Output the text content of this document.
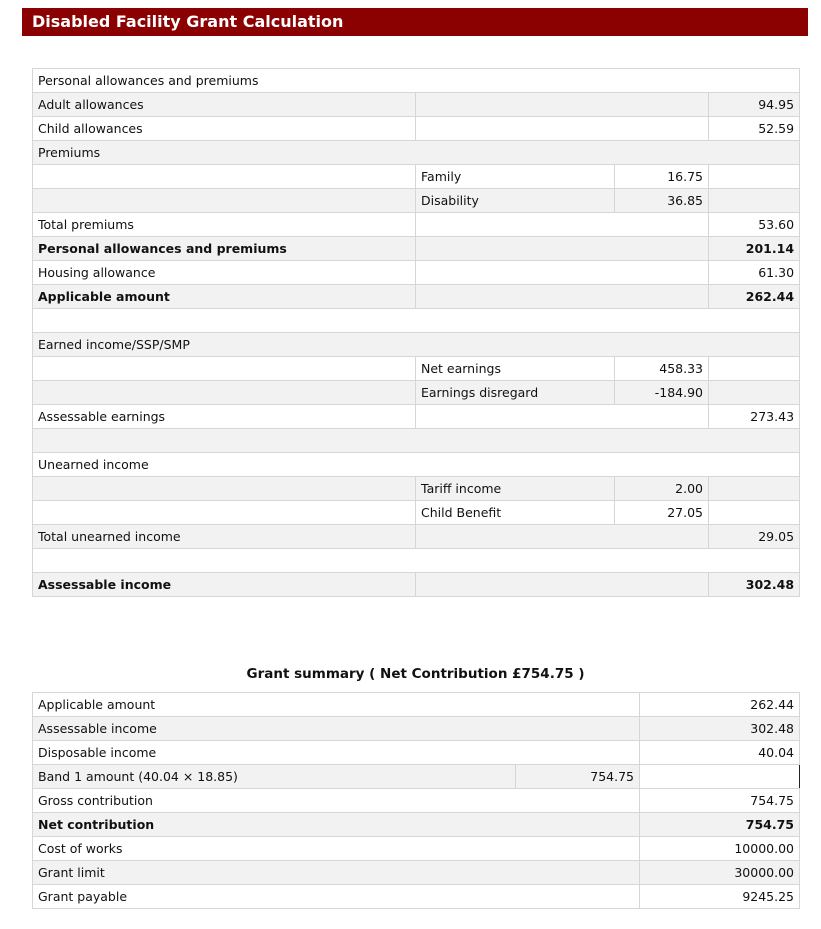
Disabled Facility Grant Calculation
Personal allowances and premiums			
Adult allowances			94.95
Child allowances			52.59
Premiums			
	Family	16.75	
	Disability	36.85	
Total premiums			53.60
Personal allowances and premiums			201.14
Housing allowance			61.30
Applicable amount			262.44

Earned income/SSP/SMP			
	Net earnings	458.33	
	Earnings disregard	-184.90	
Assessable earnings			273.43

Unearned income			
	Tariff income	2.00	
	Child Benefit	27.05	
Total unearned income			29.05

Assessable income			302.48
Grant summary ( Net Contribution £754.75 )
Applicable amount		262.44
Assessable income		302.48
Disposable income		40.04
Band 1 amount (40.04 × 18.85)	754.75	
Gross contribution		754.75
Net contribution		754.75
Cost of works		10000.00
Grant limit		30000.00
Grant payable		9245.25
